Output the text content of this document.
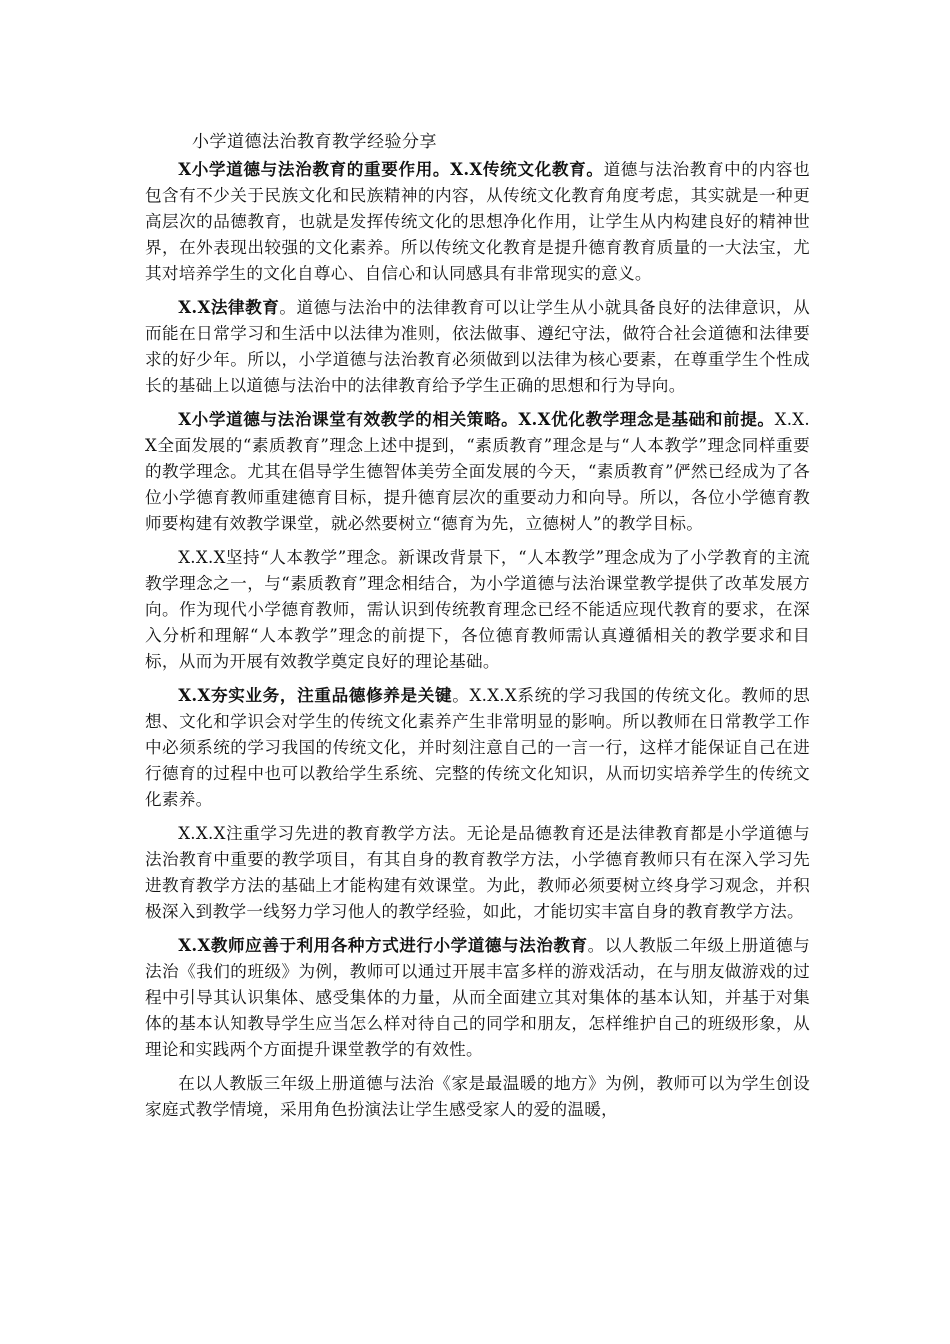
小学道德法治教育教学经验分享

X小学道德与法治教育的重要作用。X.X传统文化教育。道德与法治教育中的内容也包含有不少关于民族文化和民族精神的内容，从传统文化教育角度考虑，其实就是一种更高层次的品德教育，也就是发挥传统文化的思想净化作用，让学生从内构建良好的精神世界，在外表现出较强的文化素养。所以传统文化教育是提升德育教育质量的一大法宝，尤其对培养学生的文化自尊心、自信心和认同感具有非常现实的意义。

X.X法律教育。道德与法治中的法律教育可以让学生从小就具备良好的法律意识，从而能在日常学习和生活中以法律为准则，依法做事、遵纪守法，做符合社会道德和法律要求的好少年。所以，小学道德与法治教育必须做到以法律为核心要素，在尊重学生个性成长的基础上以道德与法治中的法律教育给予学生正确的思想和行为导向。

X小学道德与法治课堂有效教学的相关策略。X.X优化教学理念是基础和前提。X.X.X全面发展的“素质教育”理念上述中提到，“素质教育”理念是与“人本教学”理念同样重要的教学理念。尤其在倡导学生德智体美劳全面发展的今天，“素质教育”俨然已经成为了各位小学德育教师重建德育目标，提升德育层次的重要动力和向导。所以，各位小学德育教师要构建有效教学课堂，就必然要树立“德育为先，立德树人”的教学目标。

X.X.X坚持“人本教学”理念。新课改背景下，“人本教学”理念成为了小学教育的主流教学理念之一，与“素质教育”理念相结合，为小学道德与法治课堂教学提供了改革发展方向。作为现代小学德育教师，需认识到传统教育理念已经不能适应现代教育的要求，在深入分析和理解“人本教学”理念的前提下，各位德育教师需认真遵循相关的教学要求和目标，从而为开展有效教学奠定良好的理论基础。

X.X夯实业务，注重品德修养是关键。X.X.X系统的学习我国的传统文化。教师的思想、文化和学识会对学生的传统文化素养产生非常明显的影响。所以教师在日常教学工作中必须系统的学习我国的传统文化，并时刻注意自己的一言一行，这样才能保证自己在进行德育的过程中也可以教给学生系统、完整的传统文化知识，从而切实培养学生的传统文化素养。

X.X.X注重学习先进的教育教学方法。无论是品德教育还是法律教育都是小学道德与法治教育中重要的教学项目，有其自身的教育教学方法，小学德育教师只有在深入学习先进教育教学方法的基础上才能构建有效课堂。为此，教师必须要树立终身学习观念，并积极深入到教学一线努力学习他人的教学经验，如此，才能切实丰富自身的教育教学方法。

X.X教师应善于利用各种方式进行小学道德与法治教育。以人教版二年级上册道德与法治《我们的班级》为例，教师可以通过开展丰富多样的游戏活动，在与朋友做游戏的过程中引导其认识集体、感受集体的力量，从而全面建立其对集体的基本认知，并基于对集体的基本认知教导学生应当怎么样对待自己的同学和朋友，怎样维护自己的班级形象，从理论和实践两个方面提升课堂教学的有效性。

在以人教版三年级上册道德与法治《家是最温暖的地方》为例，教师可以为学生创设家庭式教学情境，采用角色扮演法让学生感受家人的爱的温暖，
